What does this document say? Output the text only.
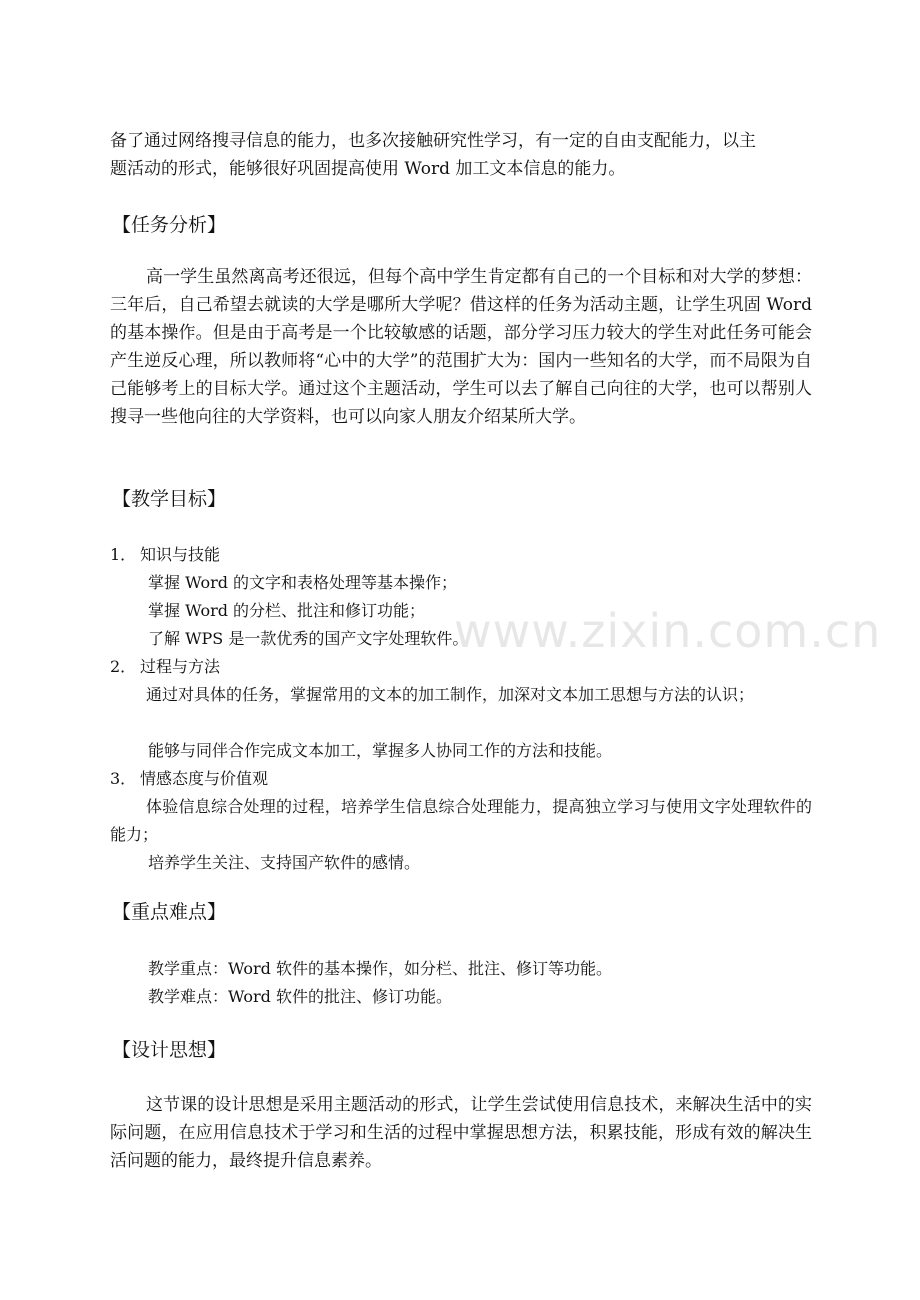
备了通过网络搜寻信息的能力，也多次接触研究性学习，有一定的自由支配能力，以主

题活动的形式，能够很好巩固提高使用 Word 加工文本信息的能力。

【任务分析】

高一学生虽然离高考还很远，但每个高中学生肯定都有自己的一个目标和对大学的梦想：三年后，自己希望去就读的大学是哪所大学呢？借这样的任务为活动主题，让学生巩固 Word 的基本操作。但是由于高考是一个比较敏感的话题，部分学习压力较大的学生对此任务可能会产生逆反心理，所以教师将“心中的大学”的范围扩大为：国内一些知名的大学，而不局限为自己能够考上的目标大学。通过这个主题活动，学生可以去了解自己向往的大学，也可以帮别人搜寻一些他向往的大学资料，也可以向家人朋友介绍某所大学。

【教学目标】

1． 知识与技能

掌握 Word 的文字和表格处理等基本操作；

掌握 Word 的分栏、批注和修订功能；

了解 WPS 是一款优秀的国产文字处理软件。

2． 过程与方法

通过对具体的任务，掌握常用的文本的加工制作，加深对文本加工思想与方法的认识；

能够与同伴合作完成文本加工，掌握多人协同工作的方法和技能。

3． 情感态度与价值观

体验信息综合处理的过程，培养学生信息综合处理能力，提高独立学习与使用文字处理软件的能力；

培养学生关注、支持国产软件的感情。

【重点难点】

教学重点：Word 软件的基本操作，如分栏、批注、修订等功能。

教学难点：Word 软件的批注、修订功能。

【设计思想】

这节课的设计思想是采用主题活动的形式，让学生尝试使用信息技术，来解决生活中的实际问题，在应用信息技术于学习和生活的过程中掌握思想方法，积累技能，形成有效的解决生活问题的能力，最终提升信息素养。

www.zixin.com.cn
